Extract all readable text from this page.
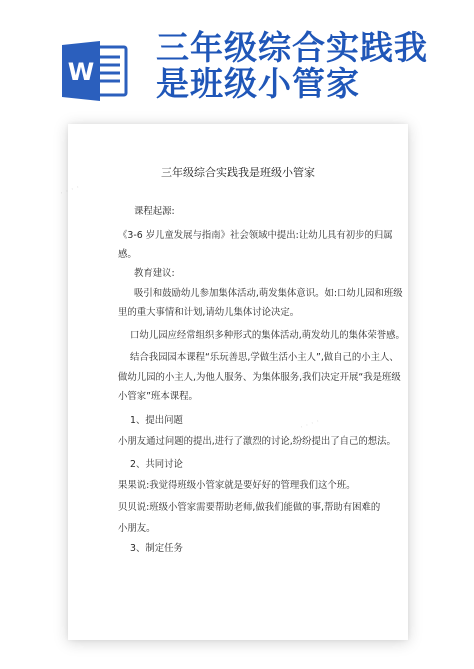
W
三年级综合实践我
是班级小管家
· · · ·
· · · ·
三年级综合实践我是班级小管家
课程起源:
《3-6 岁儿童发展与指南》社会领域中提出:让幼儿具有初步的归属
感。
教育建议:
吸引和鼓励幼儿参加集体活动,萌发集体意识。如:口幼儿园和班级
里的重大事情和计划,请幼儿集体讨论决定。
口幼儿园应经常组织多种形式的集体活动,萌发幼儿的集体荣誉感。
结合我园园本课程“乐玩善思,学做生活小主人”,做自己的小主人、
做幼儿园的小主人,为他人服务、为集体服务,我们决定开展“我是班级
小管家”班本课程。
1、提出问题
小朋友通过问题的提出,进行了激烈的讨论,纷纷提出了自己的想法。
2、共同讨论
果果说:我觉得班级小管家就是要好好的管理我们这个班。
贝贝说:班级小管家需要帮助老师,做我们能做的事,帮助有困难的
小朋友。
3、制定任务
